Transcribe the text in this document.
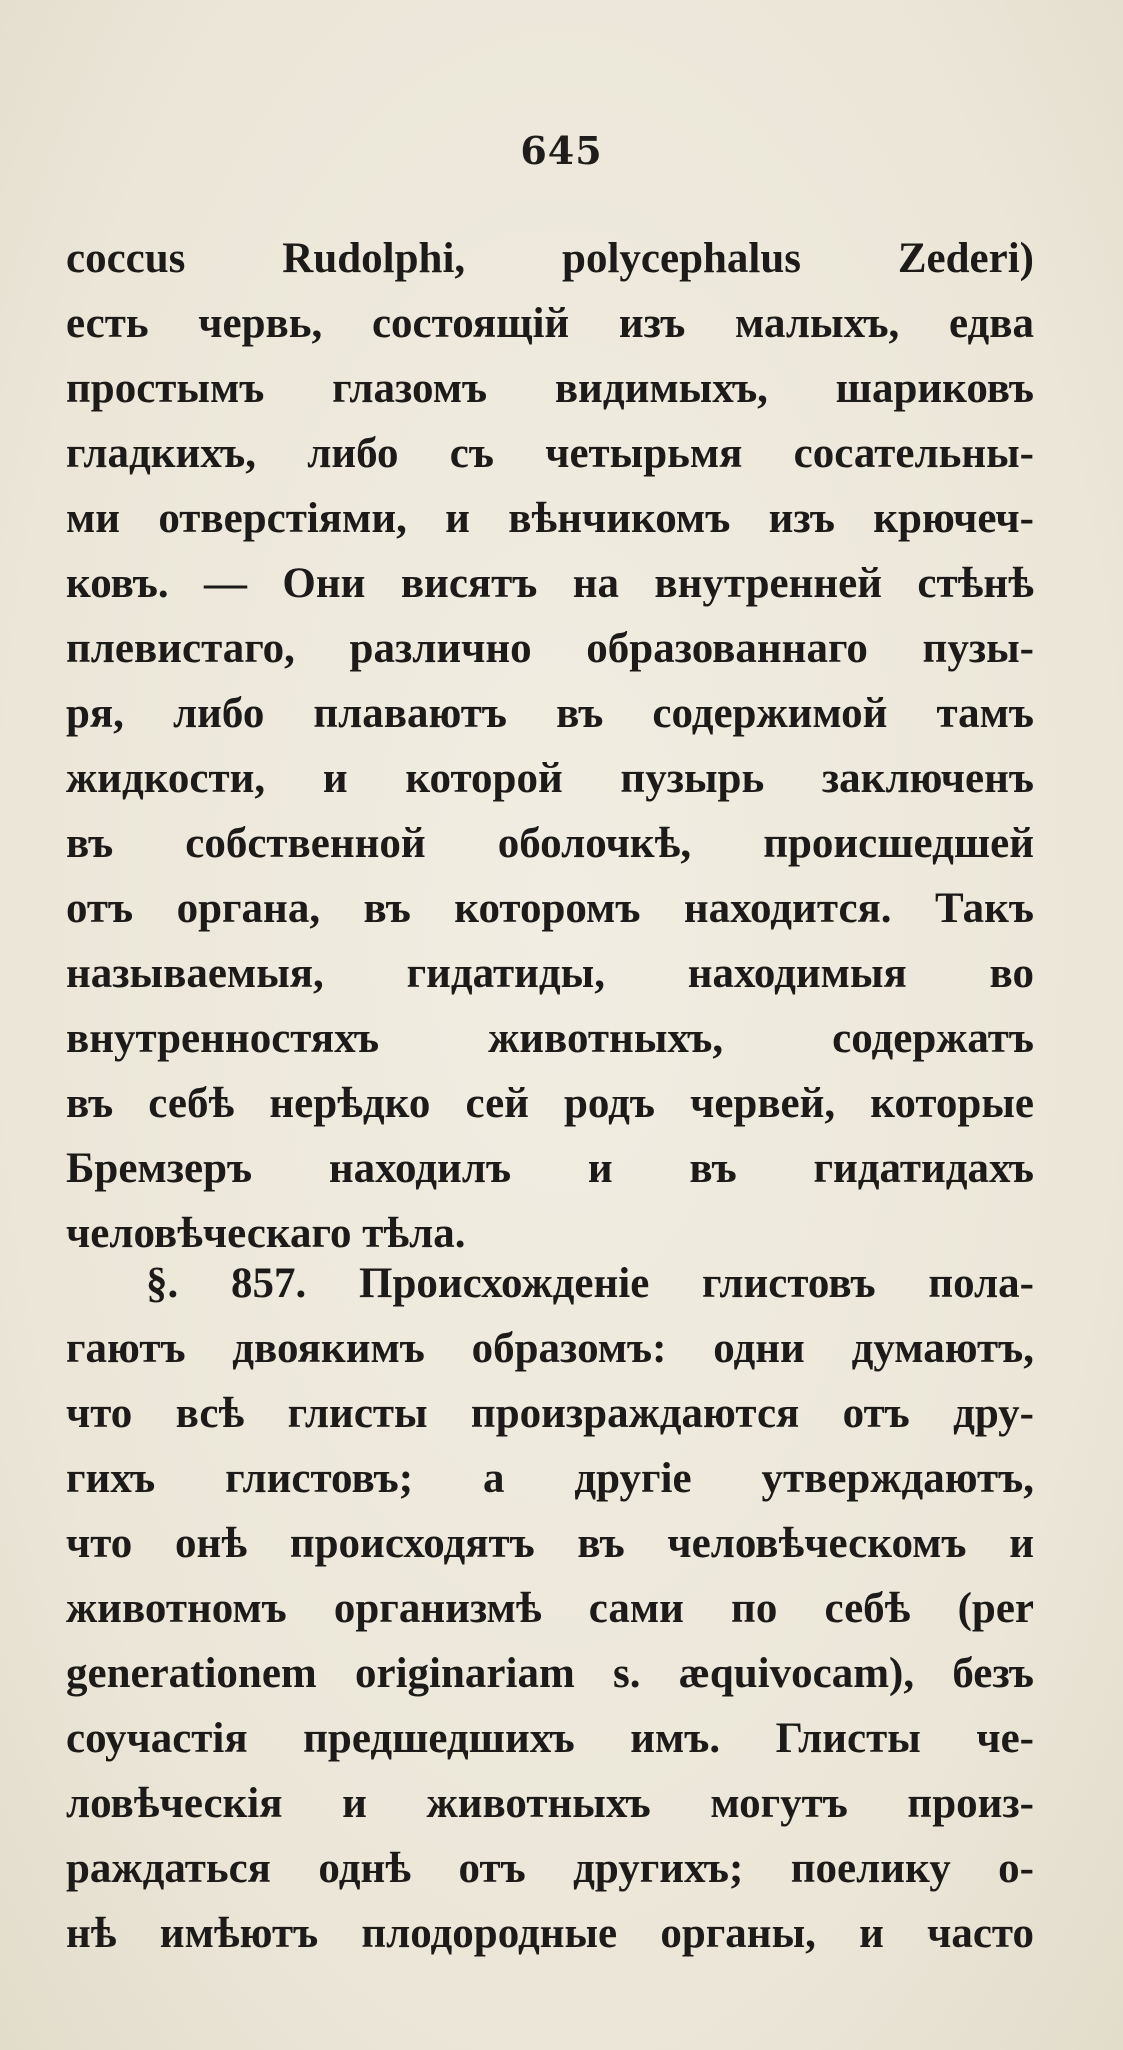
645
coccus Rudolphi, polycephalus Zederi)
есть червь, состоящій изъ малыхъ, едва
простымъ глазомъ видимыхъ, шариковъ
гладкихъ, либо съ четырьмя сосательны-
ми отверстіями, и вѣнчикомъ изъ крючеч-
ковъ. — Они висятъ на внутренней стѣнѣ
плевистаго, различно образованнаго пузы-
ря, либо плаваютъ въ содержимой тамъ
жидкости, и которой пузырь заключенъ
въ собственной оболочкѣ, происшедшей
отъ органа, въ которомъ находится. Такъ
называемыя, гидатиды, находимыя во
внутренностяхъ животныхъ, содержатъ
въ себѣ нерѣдко сей родъ червей, которые
Бремзеръ находилъ и въ гидатидахъ
человѣческаго тѣла.
§. 857. Происхожденіе глистовъ пола-
гаютъ двоякимъ образомъ: одни думаютъ,
что всѣ глисты произраждаются отъ дру-
гихъ глистовъ; а другіе утверждаютъ,
что онѣ происходятъ въ человѣческомъ и
животномъ организмѣ сами по себѣ (per
generationem originariam s. æquivocam), безъ
соучастія предшедшихъ имъ. Глисты че-
ловѣческія и животныхъ могутъ произ-
раждаться однѣ отъ другихъ; поелику о-
нѣ имѣютъ плодородные органы, и часто
